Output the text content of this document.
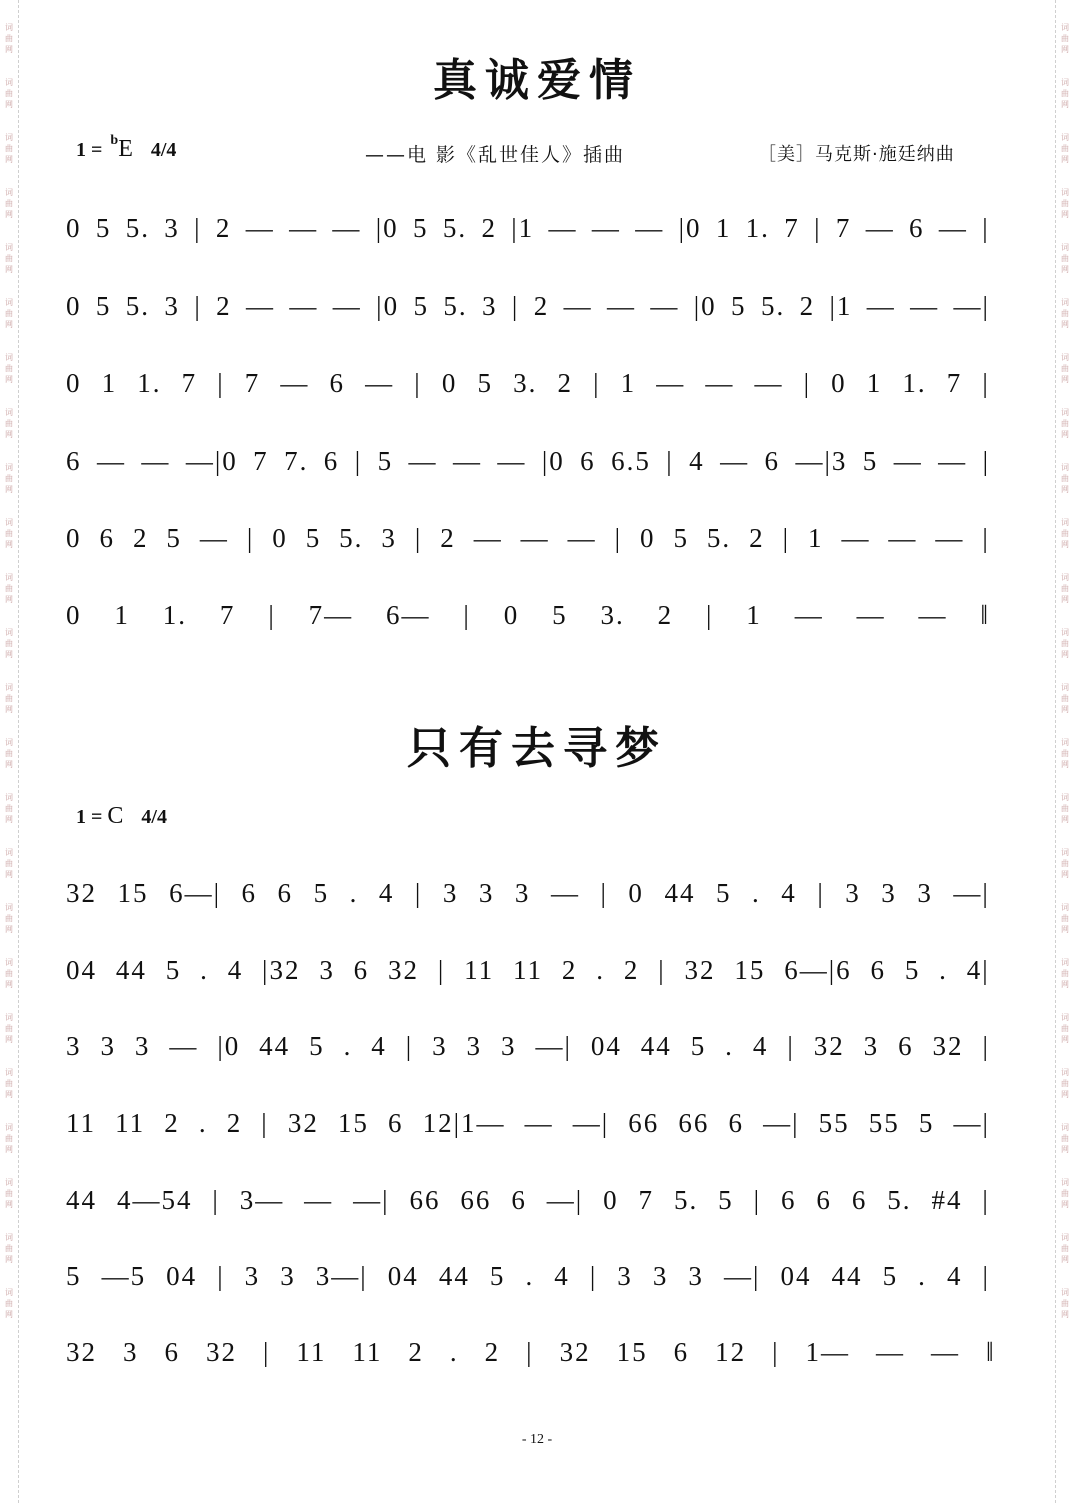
词曲网
词曲网
词曲网
词曲网
词曲网
词曲网
词曲网
词曲网
词曲网
词曲网
词曲网
词曲网
词曲网
词曲网
词曲网
词曲网
词曲网
词曲网
词曲网
词曲网
词曲网
词曲网
词曲网
词曲网
词曲网
词曲网
词曲网
词曲网
词曲网
词曲网
词曲网
词曲网
词曲网
词曲网
词曲网
词曲网
词曲网
词曲网
词曲网
词曲网
词曲网
词曲网
词曲网
词曲网
词曲网
词曲网
词曲网
词曲网
真诚爱情
1 = $^b$E 4/4	——电 影《乱世佳人》插曲	［美］马克斯·施廷纳曲
0 5 5. 3 | 2 — — — |0 5 5. 2 |1 — — — |0 1 1. 7 | 7 — 6 — |
0 5 5. 3 | 2 — — — |0 5 5. 3 | 2 — — — |0 5 5. 2 |1 — — —|
0 1 1. 7 | 7 — 6 — | 0 5 3. 2 | 1 — — — | 0 1 1. 7 |
6 — — —|0 7 7. 6 | 5 — — — |0 6 6.5 | 4 — 6 —|3 5 — — |
0 6 2 5 — | 0 5 5. 3 | 2 — — — | 0 5 5. 2 | 1 — — — |
0 1 1. 7 | 7— 6— | 0 5 3. 2 | 1 — — — ‖
只有去寻梦
1 = C 4/4
32 15 6—| 6 6 5 . 4 | 3 3 3 — | 0 44 5 . 4 | 3 3 3 —|
04 44 5 . 4 |32 3 6 32 | 11 11 2 . 2 | 32 15 6—|6 6 5 . 4|
3 3 3 — |0 44 5 . 4 | 3 3 3 —| 04 44 5 . 4 | 32 3 6 32 |
11 11 2 . 2 | 32 15 6 12|1— — —| 66 66 6 —| 55 55 5 —|
44 4—54 | 3— — —| 66 66 6 —| 0 7 5. 5 | 6 6 6 5. #4 |
5 —5 04 | 3 3 3—| 04 44 5 . 4 | 3 3 3 —| 04 44 5 . 4 |
32 3 6 32 | 11 11 2 . 2 | 32 15 6 12 | 1— — — ‖
- 12 -
